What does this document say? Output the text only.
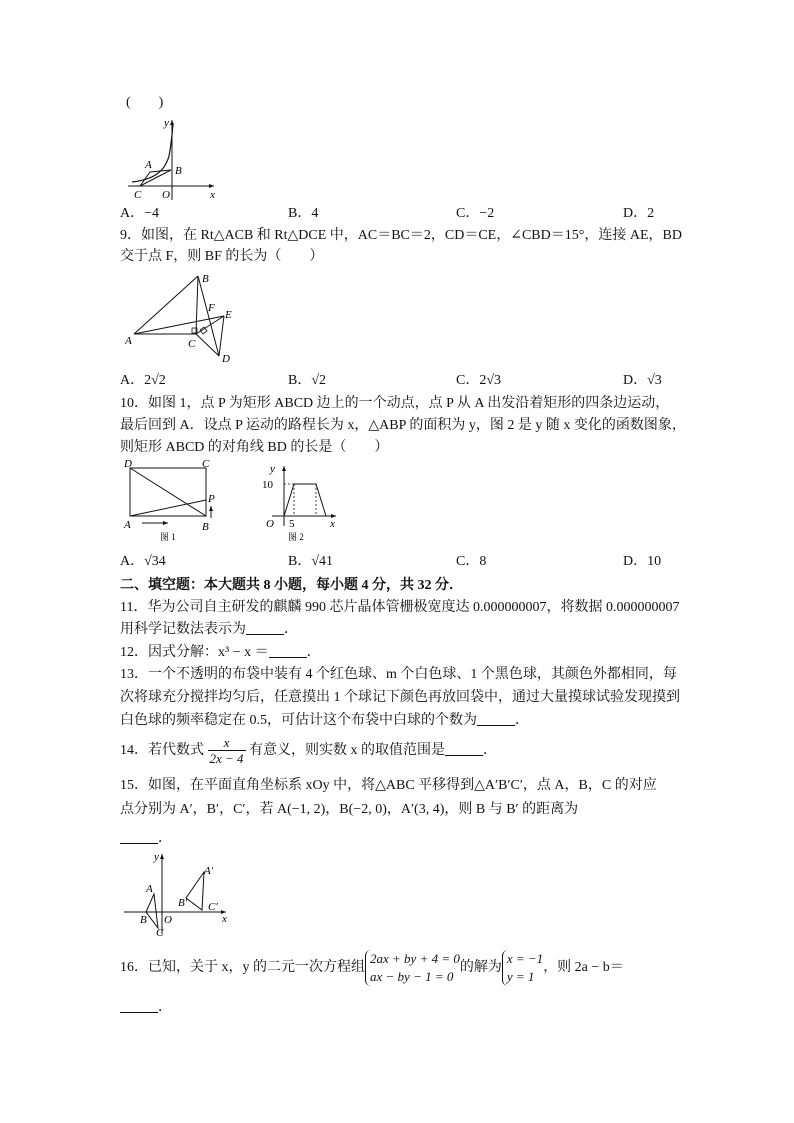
(　　)
y
x
A B
C O
A．−4	B．4	C．−2	D．2
9．如图，在 Rt△ACB 和 Rt△DCE 中，AC＝BC＝2，CD＝CE，∠CBD＝15°，连接 AE，BD
交于点 F，则 BF 的长为（　　）
A
B
C
D
E
F
A．2√2	B．√2	C．2√3	D．√3
10．如图 1，点 P 为矩形 ABCD 边上的一个动点，点 P 从 A 出发沿着矩形的四条边运动，
最后回到 A．设点 P 运动的路程长为 x，△ABP 的面积为 y，图 2 是 y 随 x 变化的函数图象，
则矩形 ABCD 的对角线 BD 的长是（　　）
D	C
P
A	B
图 1
y
x
10
5
O
图 2
A．√34	B．√41	C．8	D．10
二、填空题：本大题共 8 小题，每小题 4 分，共 32 分．
11．华为公司自主研发的麒麟 990 芯片晶体管栅极宽度达 0.000000007，将数据 0.000000007
用科学记数法表示为	．
12．因式分解：x³ − x ＝	．
13．一个不透明的布袋中装有 4 个红色球、m 个白色球、1 个黑色球，其颜色外都相同，每
次将球充分搅拌均匀后，任意摸出 1 个球记下颜色再放回袋中，通过大量摸球试验发现摸到
白色球的频率稳定在 0.5，可估计这个布袋中白球的个数为	．
14．若代数式 $\frac{x}{2x - 4}$ 有意义，则实数 x 的取值范围是	．
15．如图，在平面直角坐标系 xOy 中，将△ABC 平移得到△A′B′C′，点 A，B，C 的对应
点分别为 A′，B′，C′，若 A(−1, 2)，B(−2, 0)，A′(3, 4)，则 B 与 B′ 的距离为
．
y
x
A
B
C
O
A′
B′ C′
16．已知，关于 x，y 的二元一次方程组
2ax + by + 4 = 0
ax − by − 1 = 0
的解为
x = −1
y = 1
，则 2a − b＝
．
